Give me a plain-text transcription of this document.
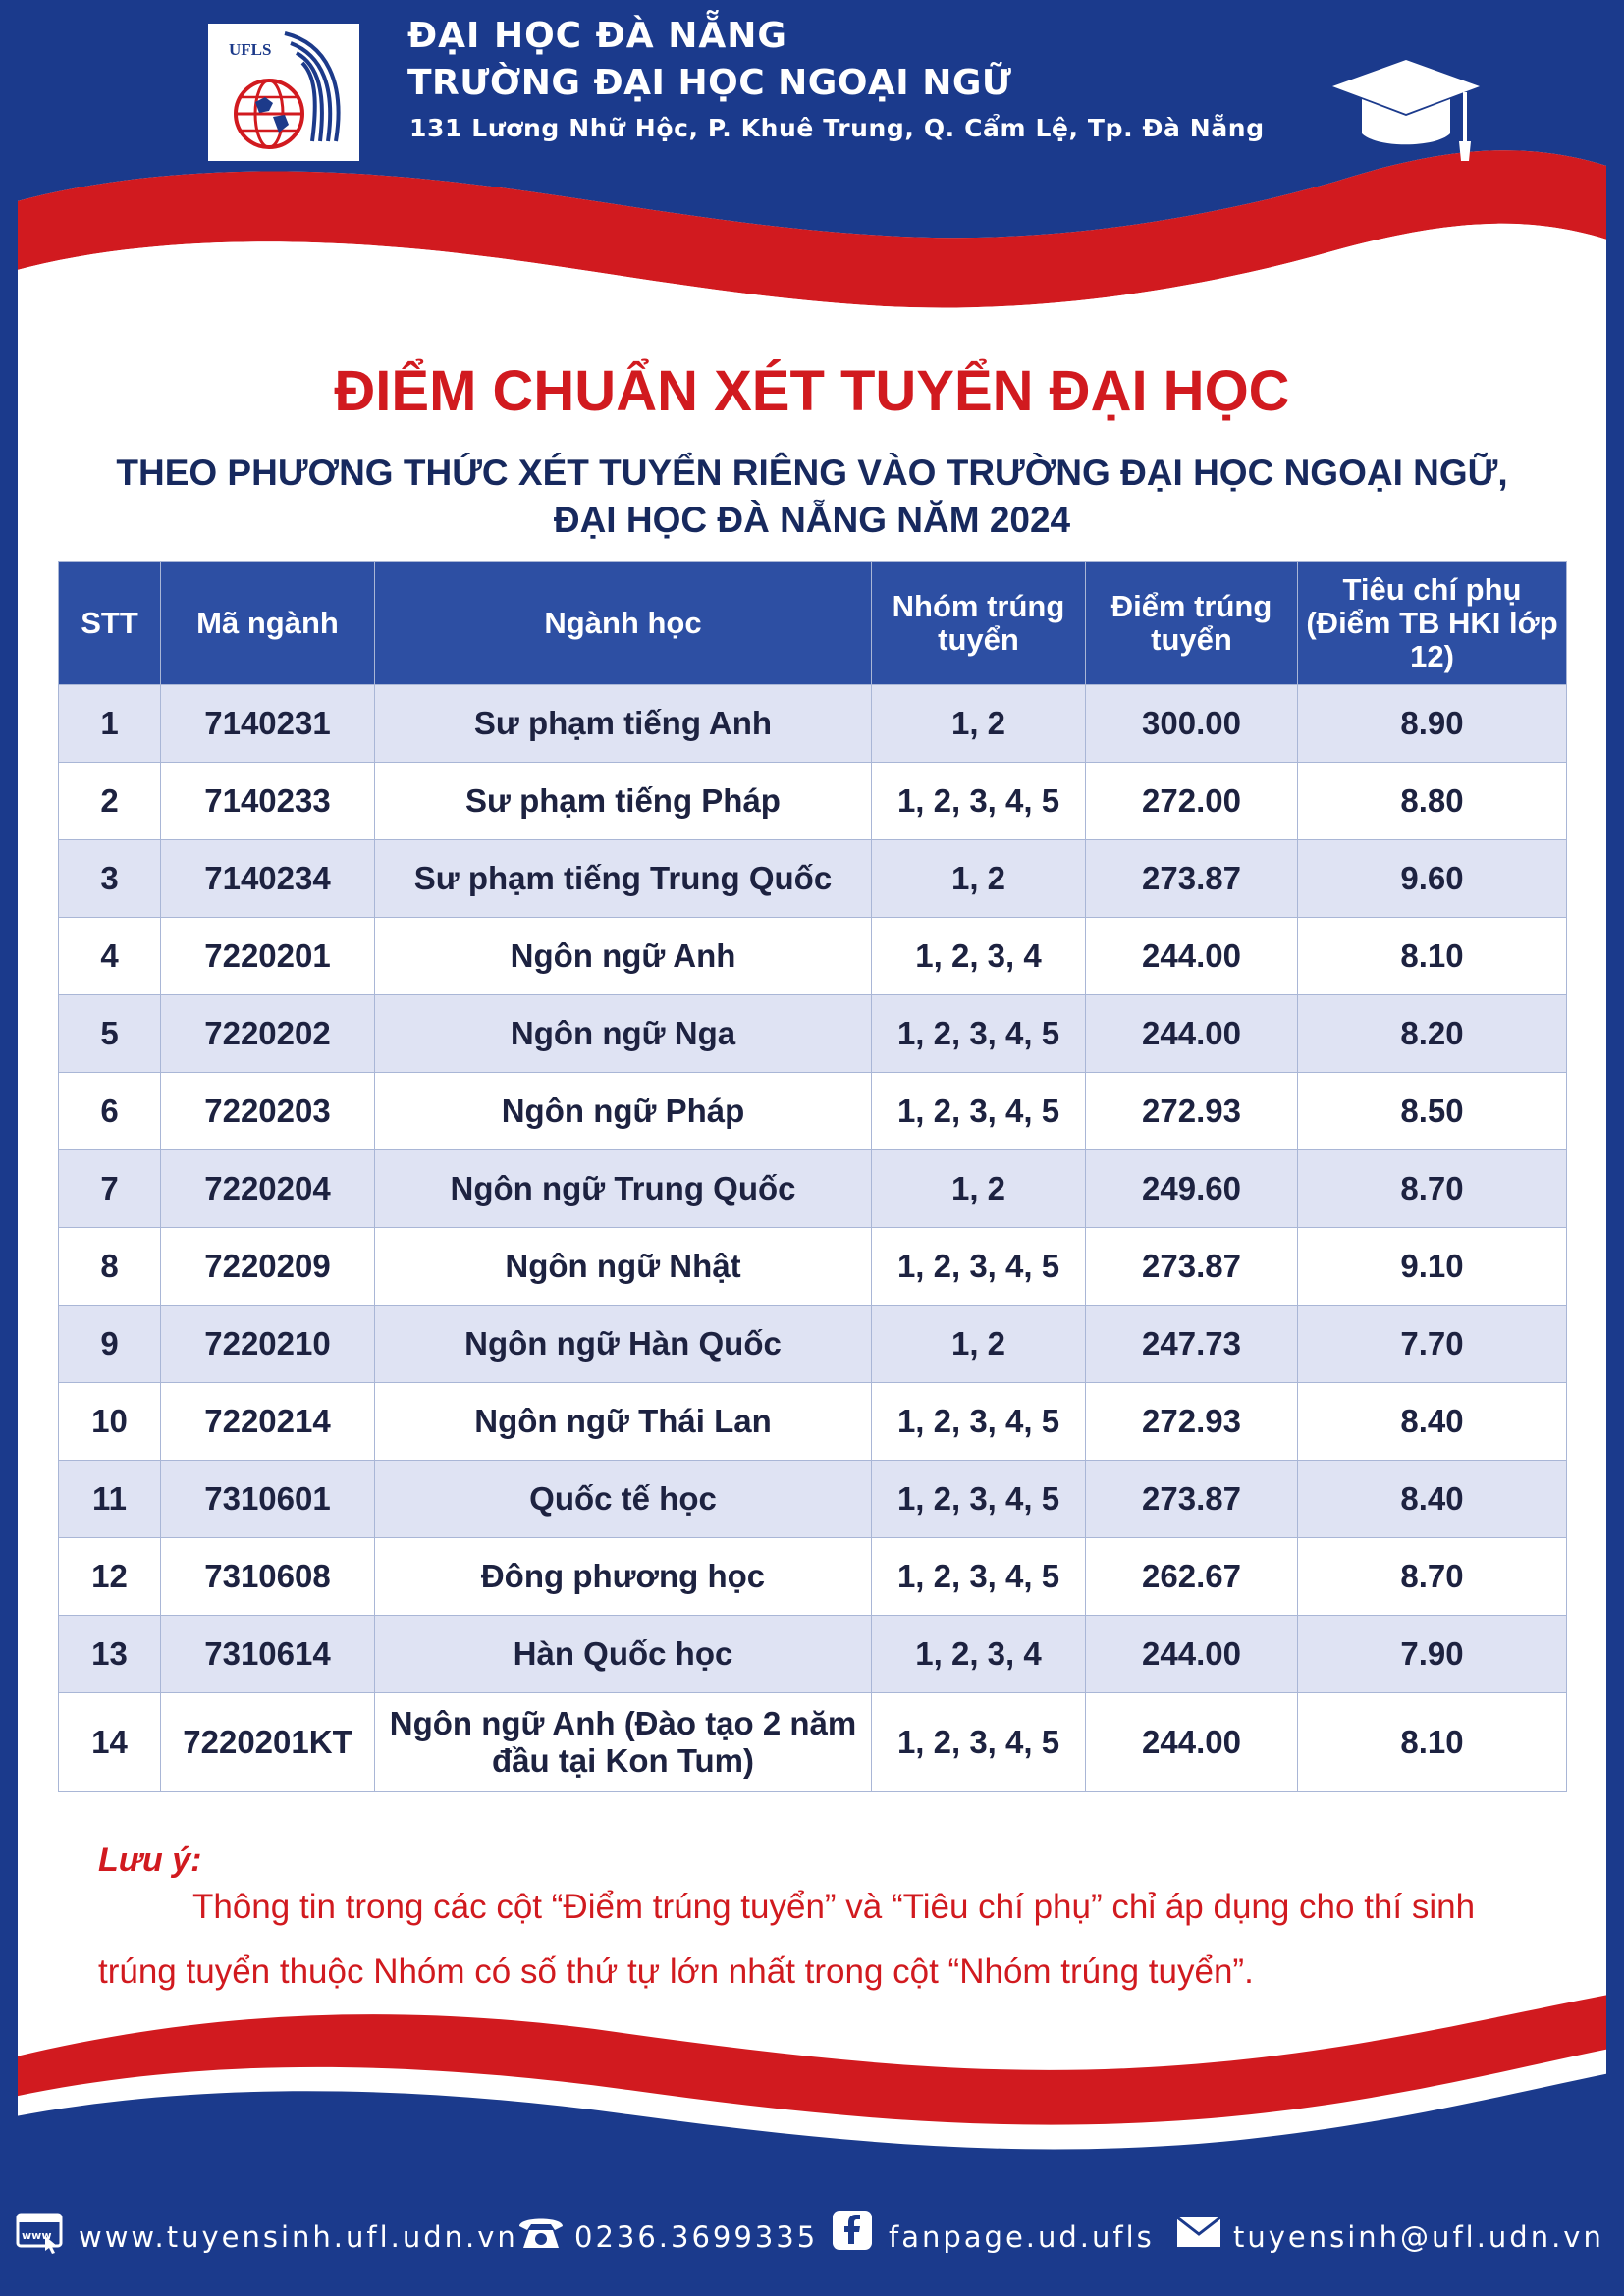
UFLS	ĐẠI HỌC ĐÀ NẴNG
TRƯỜNG ĐẠI HỌC NGOẠI NGỮ
131 Lương Nhữ Hộc, P. Khuê Trung, Q. Cẩm Lệ, Tp. Đà Nẵng
ĐIỂM CHUẨN XÉT TUYỂN ĐẠI HỌC
THEO PHƯƠNG THỨC XÉT TUYỂN RIÊNG VÀO TRƯỜNG ĐẠI HỌC NGOẠI NGỮ, ĐẠI HỌC ĐÀ NẴNG NĂM 2024
STT	Mã ngành	Ngành học	Nhóm trúng tuyển	Điểm trúng tuyển	Tiêu chí phụ (Điểm TB HKI lớp 12)
1	7140231	Sư phạm tiếng Anh	1, 2	300.00	8.90
2	7140233	Sư phạm tiếng Pháp	1, 2, 3, 4, 5	272.00	8.80
3	7140234	Sư phạm tiếng Trung Quốc	1, 2	273.87	9.60
4	7220201	Ngôn ngữ Anh	1, 2, 3, 4	244.00	8.10
5	7220202	Ngôn ngữ Nga	1, 2, 3, 4, 5	244.00	8.20
6	7220203	Ngôn ngữ Pháp	1, 2, 3, 4, 5	272.93	8.50
7	7220204	Ngôn ngữ Trung Quốc	1, 2	249.60	8.70
8	7220209	Ngôn ngữ Nhật	1, 2, 3, 4, 5	273.87	9.10
9	7220210	Ngôn ngữ Hàn Quốc	1, 2	247.73	7.70
10	7220214	Ngôn ngữ Thái Lan	1, 2, 3, 4, 5	272.93	8.40
11	7310601	Quốc tế học	1, 2, 3, 4, 5	273.87	8.40
12	7310608	Đông phương học	1, 2, 3, 4, 5	262.67	8.70
13	7310614	Hàn Quốc học	1, 2, 3, 4	244.00	7.90
14	7220201KT	Ngôn ngữ Anh (Đào tạo 2 năm đầu tại Kon Tum)	1, 2, 3, 4, 5	244.00	8.10
Lưu ý:
Thông tin trong các cột “Điểm trúng tuyển” và “Tiêu chí phụ” chỉ áp dụng cho thí sinh trúng tuyển thuộc Nhóm có số thứ tự lớn nhất trong cột “Nhóm trúng tuyển”.
www www.tuyensinh.ufl.udn.vn 0236.3699335 fanpage.ud.ufls	tuyensinh@ufl.udn.vn
